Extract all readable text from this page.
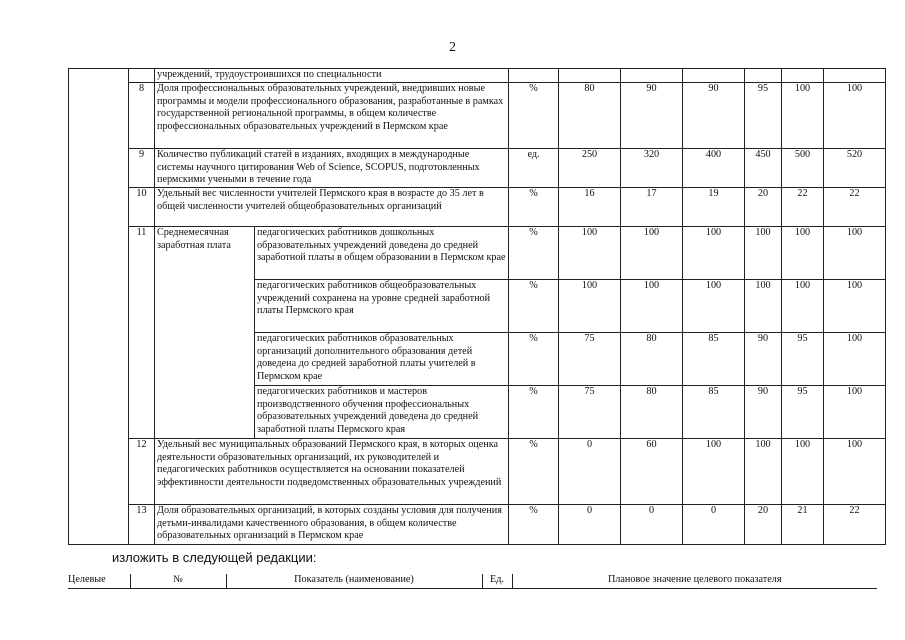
2
		учреждений, трудоустроившихся по специальности								
	8	Доля профессиональных образовательных учреждений, внедривших новые программы и модели профессионального образования, разработанные в рамках государственной региональной программы, в общем количестве профессиональных образовательных учреждений в Пермском крае		%	80	90	90	95	100	100
	9	Количество публикаций статей в изданиях, входящих в международные системы научного цитирования Web of Science, SCOPUS, подготовленных пермскими учеными в течение года		ед.	250	320	400	450	500	520
	10	Удельный вес численности учителей Пермского края в возрасте до 35 лет в общей численности учителей общеобразовательных организаций		%	16	17	19	20	22	22
	11	Среднемесячная заработная плата	педагогических работников дошкольных образовательных учреждений доведена до средней заработной платы в общем образовании в Пермском крае	%	100	100	100	100	100	100
			педагогических работников общеобразовательных учреждений сохранена на уровне средней заработной платы Пермского края	%	100	100	100	100	100	100
			педагогических работников образовательных организаций дополнительного образования детей доведена до средней заработной платы учителей в Пермском крае	%	75	80	85	90	95	100
			педагогических работников и мастеров производственного обучения профессиональных образовательных учреждений доведена до средней заработной платы Пермского края	%	75	80	85	90	95	100
	12	Удельный вес муниципальных образований Пермского края, в которых оценка деятельности образовательных организаций, их руководителей и педагогических работников осуществляется на основании показателей эффективности деятельности подведомственных образовательных учреждений		%	0	60	100	100	100	100
	13	Доля образовательных организаций, в которых созданы условия для получения детьми-инвалидами качественного образования, в общем количестве образовательных организаций в Пермском крае		%	0	0	0	20	21	22
изложить в следующей редакции:
Целевые	№	Показатель (наименование)	Ед.	Плановое значение целевого показателя
